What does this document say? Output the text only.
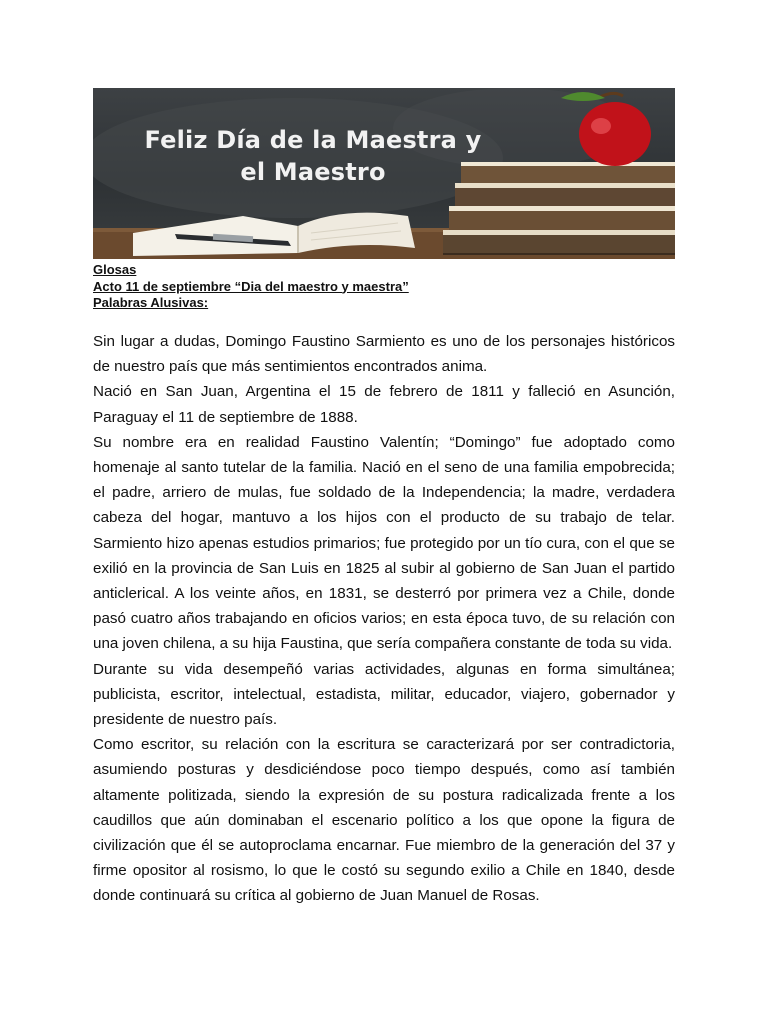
Feliz Día de la Maestra y
el Maestro
Glosas
Acto 11 de septiembre “Dia del maestro y maestra”
Palabras Alusivas:

Sin lugar a dudas, Domingo Faustino Sarmiento es uno de los personajes históricos de nuestro país que más sentimientos encontrados anima.

Nació en San Juan, Argentina el 15 de febrero de 1811 y falleció en Asunción, Paraguay el 11 de septiembre de 1888.

Su nombre era en realidad Faustino Valentín; “Domingo” fue adoptado como homenaje al santo tutelar de la familia. Nació en el seno de una familia empobrecida; el padre, arriero de mulas, fue soldado de la Independencia; la madre, verdadera cabeza del hogar, mantuvo a los hijos con el producto de su trabajo de telar. Sarmiento hizo apenas estudios primarios; fue protegido por un tío cura, con el que se exilió en la provincia de San Luis en 1825 al subir al gobierno de San Juan el partido anticlerical. A los veinte años, en 1831, se desterró por primera vez a Chile, donde pasó cuatro años trabajando en oficios varios; en esta época tuvo, de su relación con una joven chilena, a su hija Faustina, que sería compañera constante de toda su vida.

Durante su vida desempeñó varias actividades, algunas en forma simultánea; publicista, escritor, intelectual, estadista, militar, educador, viajero, gobernador y presidente de nuestro país.

Como escritor, su relación con la escritura se caracterizará por ser contradictoria, asumiendo posturas y desdiciéndose poco tiempo después, como así también altamente politizada, siendo la expresión de su postura radicalizada frente a los caudillos que aún dominaban el escenario político a los que opone la figura de civilización que él se autoproclama encarnar. Fue miembro de la generación del 37 y firme opositor al rosismo, lo que le costó su segundo exilio a Chile en 1840, desde donde continuará su crítica al gobierno de Juan Manuel de Rosas.
